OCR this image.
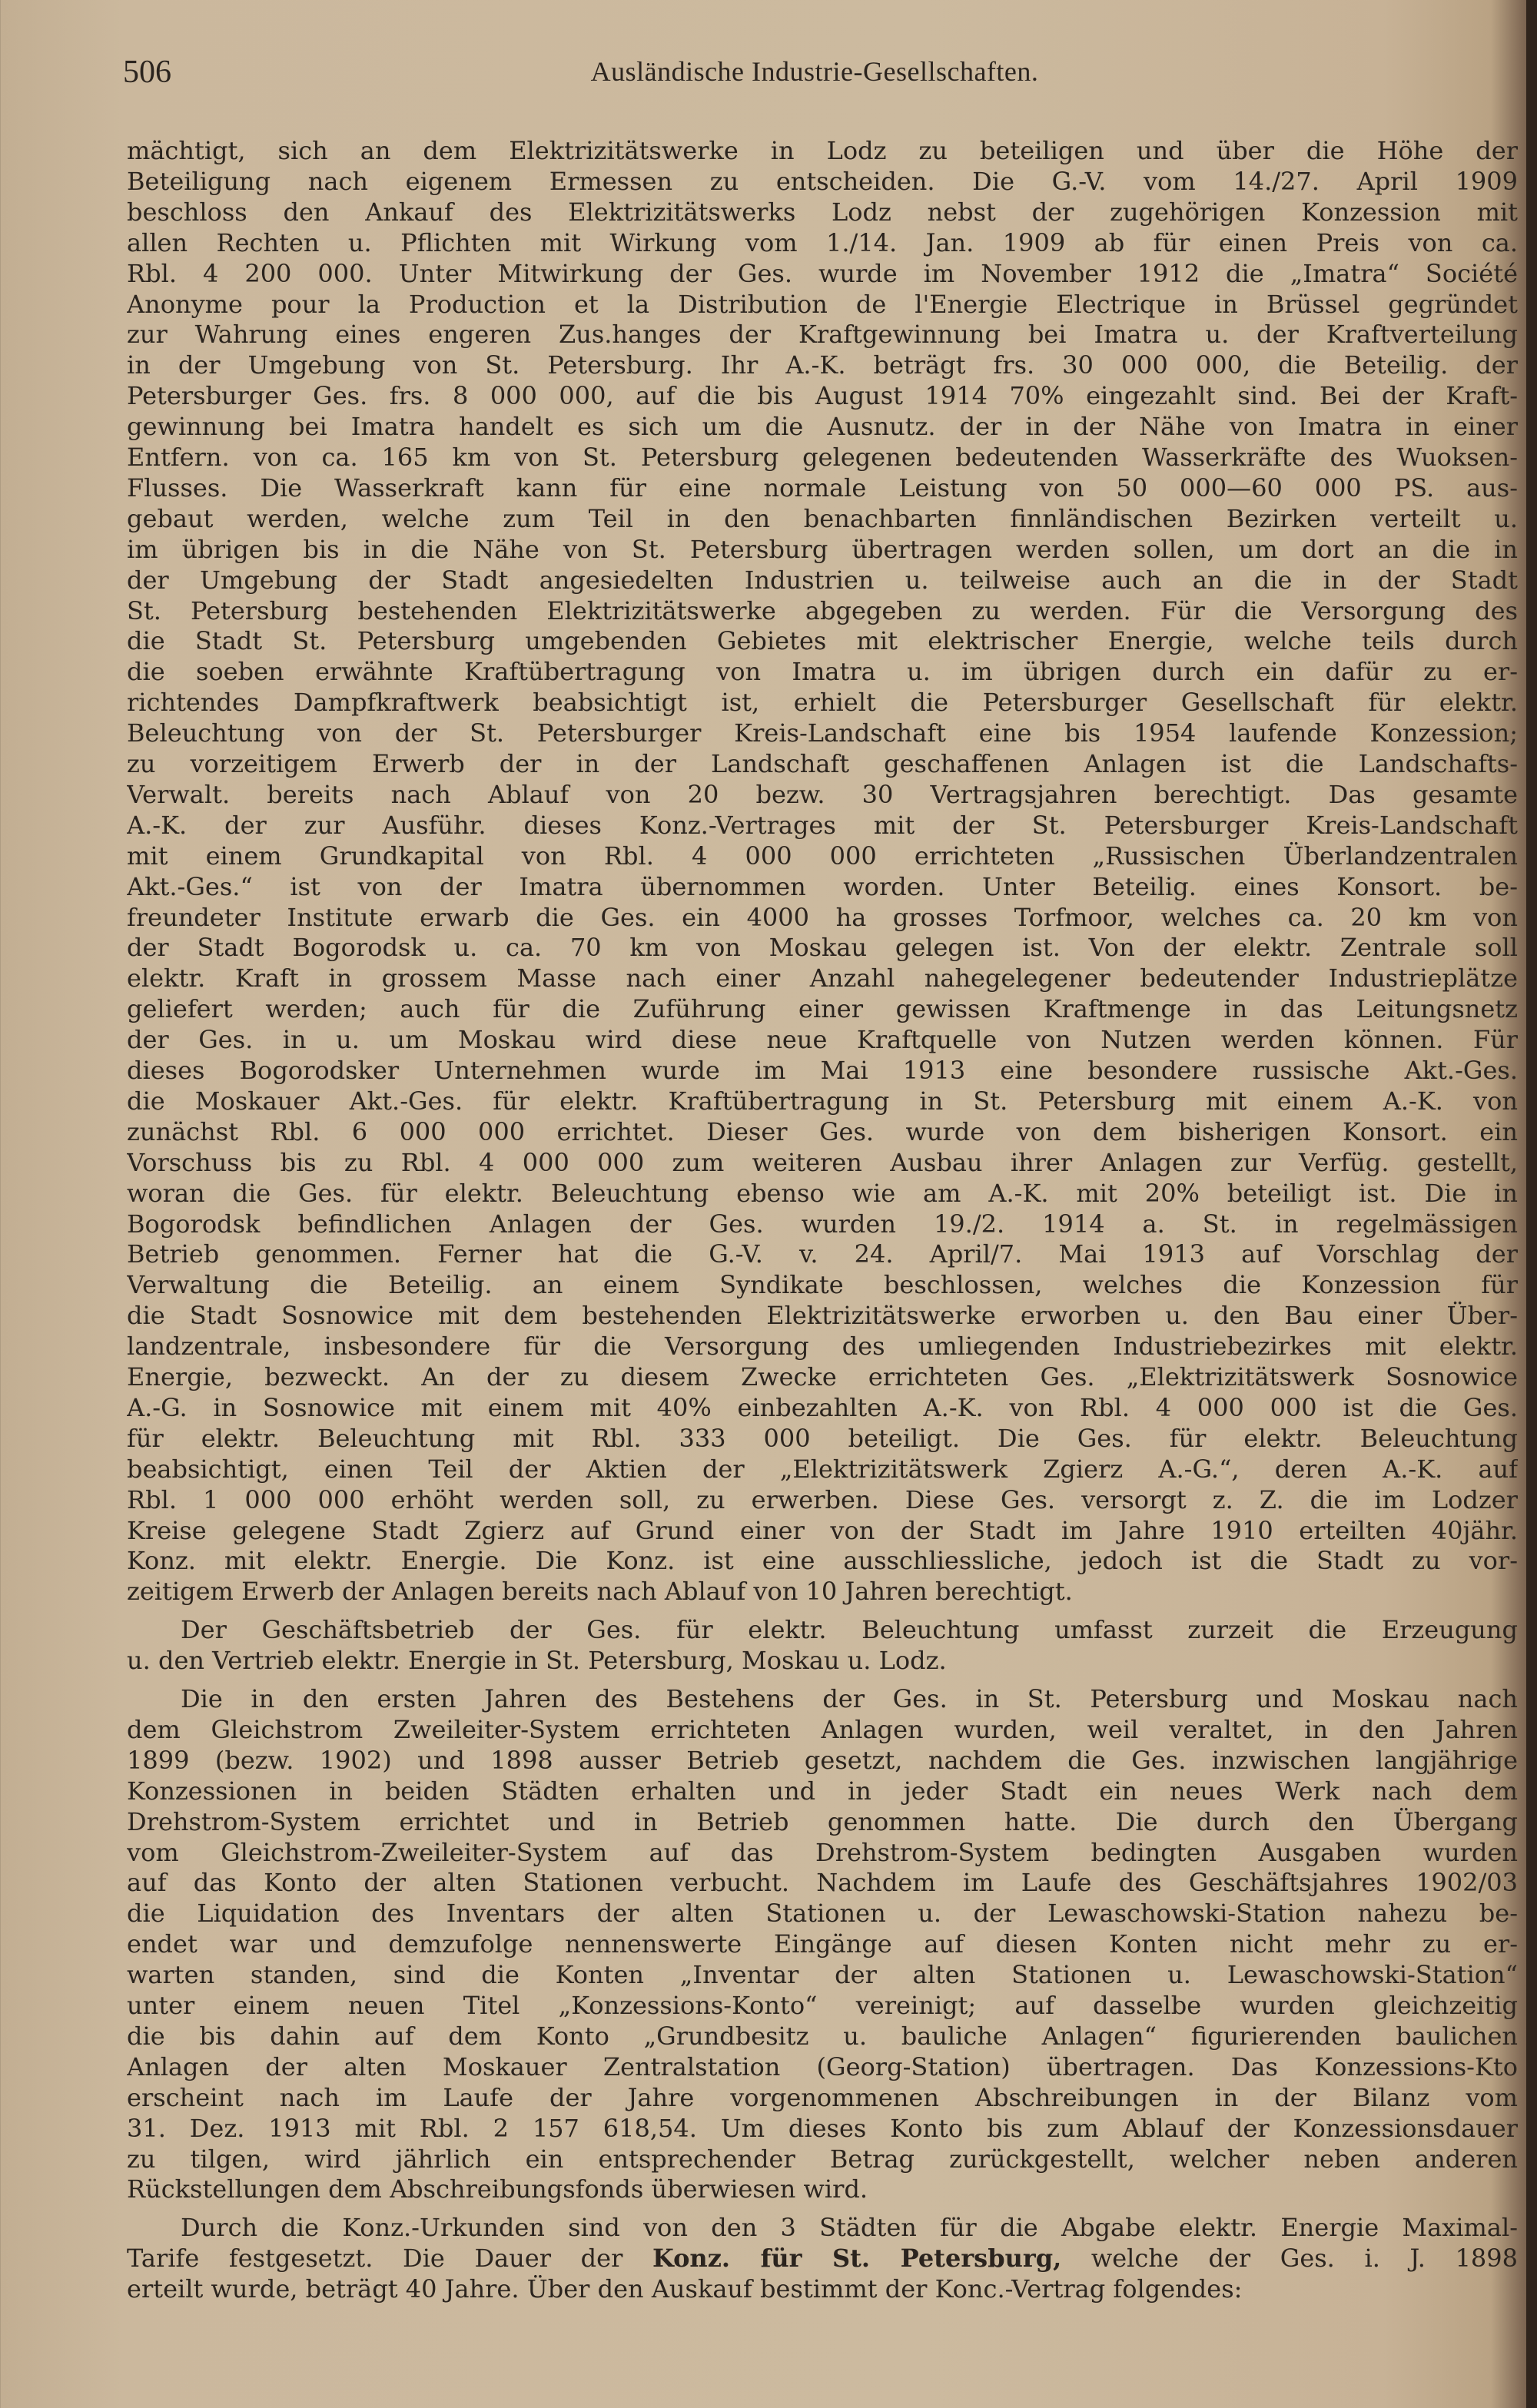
506	Ausländische Industrie-Gesellschaften.
mächtigt, sich an dem Elektrizitätswerke in Lodz zu beteiligen und über die Höhe der
Beteiligung nach eigenem Ermessen zu entscheiden. Die G.-V. vom 14./27. April 1909
beschloss den Ankauf des Elektrizitätswerks Lodz nebst der zugehörigen Konzession mit
allen Rechten u. Pflichten mit Wirkung vom 1./14. Jan. 1909 ab für einen Preis von ca.
Rbl. 4 200 000. Unter Mitwirkung der Ges. wurde im November 1912 die „Imatra“ Société
Anonyme pour la Production et la Distribution de l'Energie Electrique in Brüssel gegründet
zur Wahrung eines engeren Zus.hanges der Kraftgewinnung bei Imatra u. der Kraftverteilung
in der Umgebung von St. Petersburg. Ihr A.-K. beträgt frs. 30 000 000, die Beteilig. der
Petersburger Ges. frs. 8 000 000, auf die bis August 1914 70% eingezahlt sind. Bei der Kraft-
gewinnung bei Imatra handelt es sich um die Ausnutz. der in der Nähe von Imatra in einer
Entfern. von ca. 165 km von St. Petersburg gelegenen bedeutenden Wasserkräfte des Wuoksen-
Flusses. Die Wasserkraft kann für eine normale Leistung von 50 000—60 000 PS. aus-
gebaut werden, welche zum Teil in den benachbarten finnländischen Bezirken verteilt u.
im übrigen bis in die Nähe von St. Petersburg übertragen werden sollen, um dort an die in
der Umgebung der Stadt angesiedelten Industrien u. teilweise auch an die in der Stadt
St. Petersburg bestehenden Elektrizitätswerke abgegeben zu werden. Für die Versorgung des
die Stadt St. Petersburg umgebenden Gebietes mit elektrischer Energie, welche teils durch
die soeben erwähnte Kraftübertragung von Imatra u. im übrigen durch ein dafür zu er-
richtendes Dampfkraftwerk beabsichtigt ist, erhielt die Petersburger Gesellschaft für elektr.
Beleuchtung von der St. Petersburger Kreis-Landschaft eine bis 1954 laufende Konzession;
zu vorzeitigem Erwerb der in der Landschaft geschaffenen Anlagen ist die Landschafts-
Verwalt. bereits nach Ablauf von 20 bezw. 30 Vertragsjahren berechtigt. Das gesamte
A.-K. der zur Ausführ. dieses Konz.-Vertrages mit der St. Petersburger Kreis-Landschaft
mit einem Grundkapital von Rbl. 4 000 000 errichteten „Russischen Überlandzentralen
Akt.-Ges.“ ist von der Imatra übernommen worden. Unter Beteilig. eines Konsort. be-
freundeter Institute erwarb die Ges. ein 4000 ha grosses Torfmoor, welches ca. 20 km von
der Stadt Bogorodsk u. ca. 70 km von Moskau gelegen ist. Von der elektr. Zentrale soll
elektr. Kraft in grossem Masse nach einer Anzahl nahegelegener bedeutender Industrieplätze
geliefert werden; auch für die Zuführung einer gewissen Kraftmenge in das Leitungsnetz
der Ges. in u. um Moskau wird diese neue Kraftquelle von Nutzen werden können. Für
dieses Bogorodsker Unternehmen wurde im Mai 1913 eine besondere russische Akt.-Ges.
die Moskauer Akt.-Ges. für elektr. Kraftübertragung in St. Petersburg mit einem A.-K. von
zunächst Rbl. 6 000 000 errichtet. Dieser Ges. wurde von dem bisherigen Konsort. ein
Vorschuss bis zu Rbl. 4 000 000 zum weiteren Ausbau ihrer Anlagen zur Verfüg. gestellt,
woran die Ges. für elektr. Beleuchtung ebenso wie am A.-K. mit 20% beteiligt ist. Die in
Bogorodsk befindlichen Anlagen der Ges. wurden 19./2. 1914 a. St. in regelmässigen
Betrieb genommen. Ferner hat die G.-V. v. 24. April/7. Mai 1913 auf Vorschlag der
Verwaltung die Beteilig. an einem Syndikate beschlossen, welches die Konzession für
die Stadt Sosnowice mit dem bestehenden Elektrizitätswerke erworben u. den Bau einer Über-
landzentrale, insbesondere für die Versorgung des umliegenden Industriebezirkes mit elektr.
Energie, bezweckt. An der zu diesem Zwecke errichteten Ges. „Elektrizitätswerk Sosnowice
A.-G. in Sosnowice mit einem mit 40% einbezahlten A.-K. von Rbl. 4 000 000 ist die Ges.
für elektr. Beleuchtung mit Rbl. 333 000 beteiligt. Die Ges. für elektr. Beleuchtung
beabsichtigt, einen Teil der Aktien der „Elektrizitätswerk Zgierz A.-G.“, deren A.-K. auf
Rbl. 1 000 000 erhöht werden soll, zu erwerben. Diese Ges. versorgt z. Z. die im Lodzer
Kreise gelegene Stadt Zgierz auf Grund einer von der Stadt im Jahre 1910 erteilten 40jähr.
Konz. mit elektr. Energie. Die Konz. ist eine ausschliessliche, jedoch ist die Stadt zu vor-
zeitigem Erwerb der Anlagen bereits nach Ablauf von 10 Jahren berechtigt.
Der Geschäftsbetrieb der Ges. für elektr. Beleuchtung umfasst zurzeit die Erzeugung
u. den Vertrieb elektr. Energie in St. Petersburg, Moskau u. Lodz.
Die in den ersten Jahren des Bestehens der Ges. in St. Petersburg und Moskau nach
dem Gleichstrom Zweileiter-System errichteten Anlagen wurden, weil veraltet, in den Jahren
1899 (bezw. 1902) und 1898 ausser Betrieb gesetzt, nachdem die Ges. inzwischen langjährige
Konzessionen in beiden Städten erhalten und in jeder Stadt ein neues Werk nach dem
Drehstrom-System errichtet und in Betrieb genommen hatte. Die durch den Übergang
vom Gleichstrom-Zweileiter-System auf das Drehstrom-System bedingten Ausgaben wurden
auf das Konto der alten Stationen verbucht. Nachdem im Laufe des Geschäftsjahres 1902/03
die Liquidation des Inventars der alten Stationen u. der Lewaschowski-Station nahezu be-
endet war und demzufolge nennenswerte Eingänge auf diesen Konten nicht mehr zu er-
warten standen, sind die Konten „Inventar der alten Stationen u. Lewaschowski-Station“
unter einem neuen Titel „Konzessions-Konto“ vereinigt; auf dasselbe wurden gleichzeitig
die bis dahin auf dem Konto „Grundbesitz u. bauliche Anlagen“ figurierenden baulichen
Anlagen der alten Moskauer Zentralstation (Georg-Station) übertragen. Das Konzessions-Kto
erscheint nach im Laufe der Jahre vorgenommenen Abschreibungen in der Bilanz vom
31. Dez. 1913 mit Rbl. 2 157 618,54. Um dieses Konto bis zum Ablauf der Konzessionsdauer
zu tilgen, wird jährlich ein entsprechender Betrag zurückgestellt, welcher neben anderen
Rückstellungen dem Abschreibungsfonds überwiesen wird.
Durch die Konz.-Urkunden sind von den 3 Städten für die Abgabe elektr. Energie Maximal-
Tarife festgesetzt. Die Dauer der Konz. für St. Petersburg, welche der Ges. i. J. 1898
erteilt wurde, beträgt 40 Jahre. Über den Auskauf bestimmt der Konc.-Vertrag folgendes:
